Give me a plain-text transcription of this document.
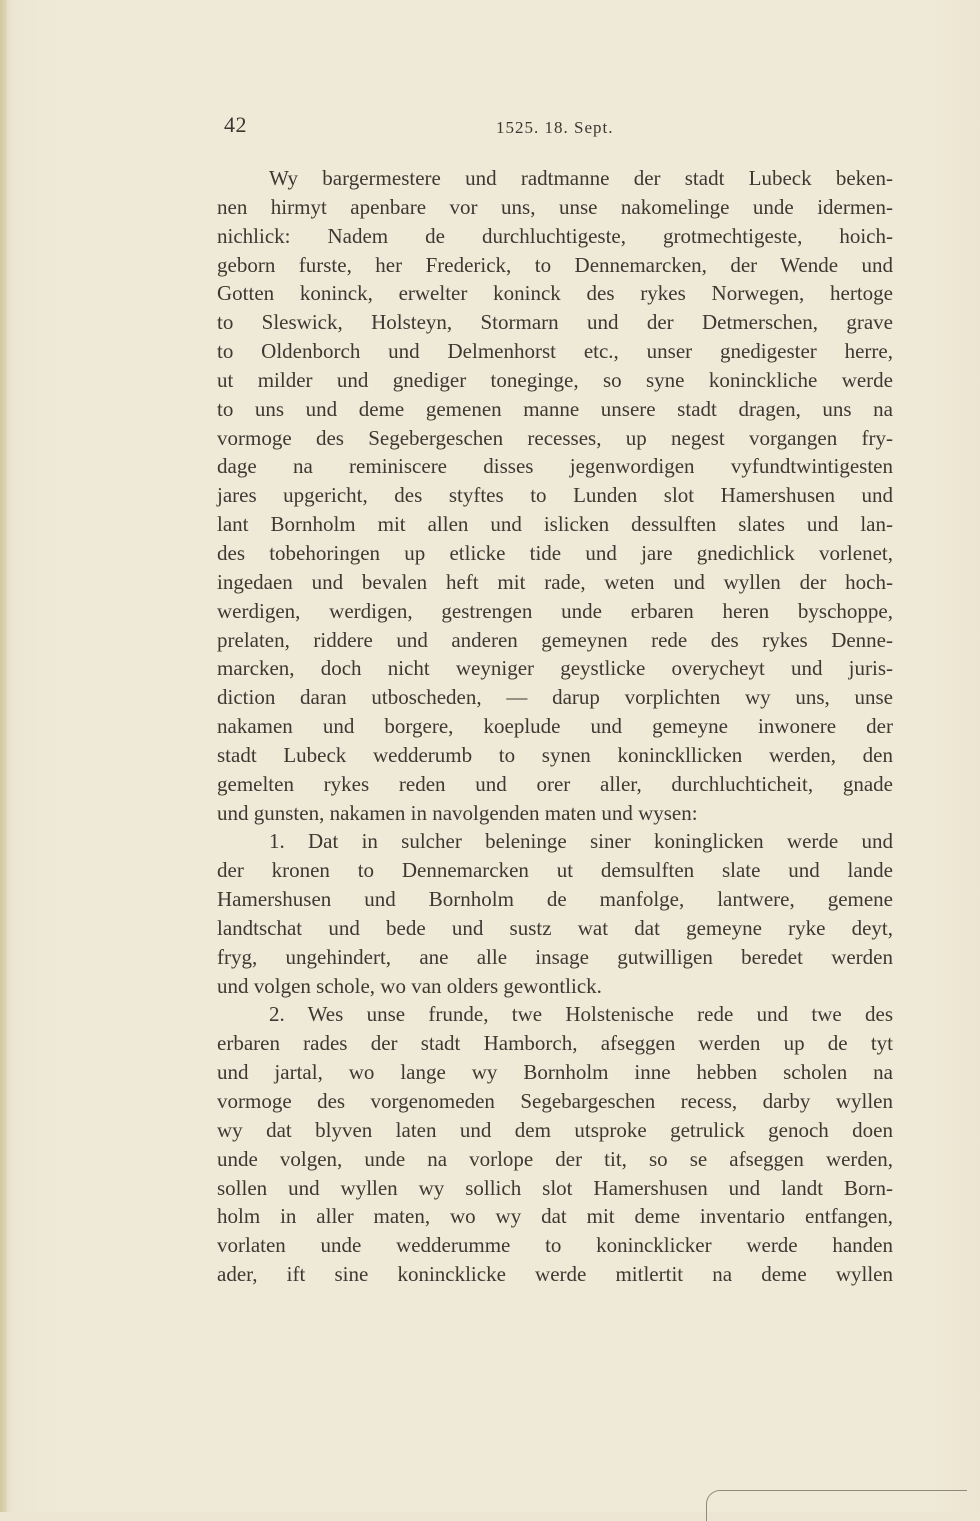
42	1525. 18. Sept.
Wy bargermestere und radtmanne der stadt Lubeck beken-
nen hirmyt apenbare vor uns, unse nakomelinge unde idermen-
nichlick: Nadem de durchluchtigeste, grotmechtigeste, hoich-
geborn furste, her Frederick, to Dennemarcken, der Wende und
Gotten koninck, erwelter koninck des rykes Norwegen, hertoge
to Sleswick, Holsteyn, Stormarn und der Detmerschen, grave
to Oldenborch und Delmenhorst etc., unser gnedigester herre,
ut milder und gnediger toneginge, so syne koninckliche werde
to uns und deme gemenen manne unsere stadt dragen, uns na
vormoge des Segebergeschen recesses, up negest vorgangen fry-
dage na reminiscere disses jegenwordigen vyfundtwintigesten
jares upgericht, des styftes to Lunden slot Hamershusen und
lant Bornholm mit allen und islicken dessulften slates und lan-
des tobehoringen up etlicke tide und jare gnedichlick vorlenet,
ingedaen und bevalen heft mit rade, weten und wyllen der hoch-
werdigen, werdigen, gestrengen unde erbaren heren byschoppe,
prelaten, riddere und anderen gemeynen rede des rykes Denne-
marcken, doch nicht weyniger geystlicke overycheyt und juris-
diction daran utboscheden, — darup vorplichten wy uns, unse
nakamen und borgere, koeplude und gemeyne inwonere der
stadt Lubeck wedderumb to synen koninckllicken werden, den
gemelten rykes reden und orer aller, durchluchticheit, gnade
und gunsten, nakamen in navolgenden maten und wysen:
1. Dat in sulcher beleninge siner koninglicken werde und
der kronen to Dennemarcken ut demsulften slate und lande
Hamershusen und Bornholm de manfolge, lantwere, gemene
landtschat und bede und sustz wat dat gemeyne ryke deyt,
fryg, ungehindert, ane alle insage gutwilligen beredet werden
und volgen schole, wo van olders gewontlick.
2. Wes unse frunde, twe Holstenische rede und twe des
erbaren rades der stadt Hamborch, afseggen werden up de tyt
und jartal, wo lange wy Bornholm inne hebben scholen na
vormoge des vorgenomeden Segebargeschen recess, darby wyllen
wy dat blyven laten und dem utsproke getrulick genoch doen
unde volgen, unde na vorlope der tit, so se afseggen werden,
sollen und wyllen wy sollich slot Hamershusen und landt Born-
holm in aller maten, wo wy dat mit deme inventario entfangen,
vorlaten unde wedderumme to konincklicker werde handen
ader, ift sine konincklicke werde mitlertit na deme wyllen
